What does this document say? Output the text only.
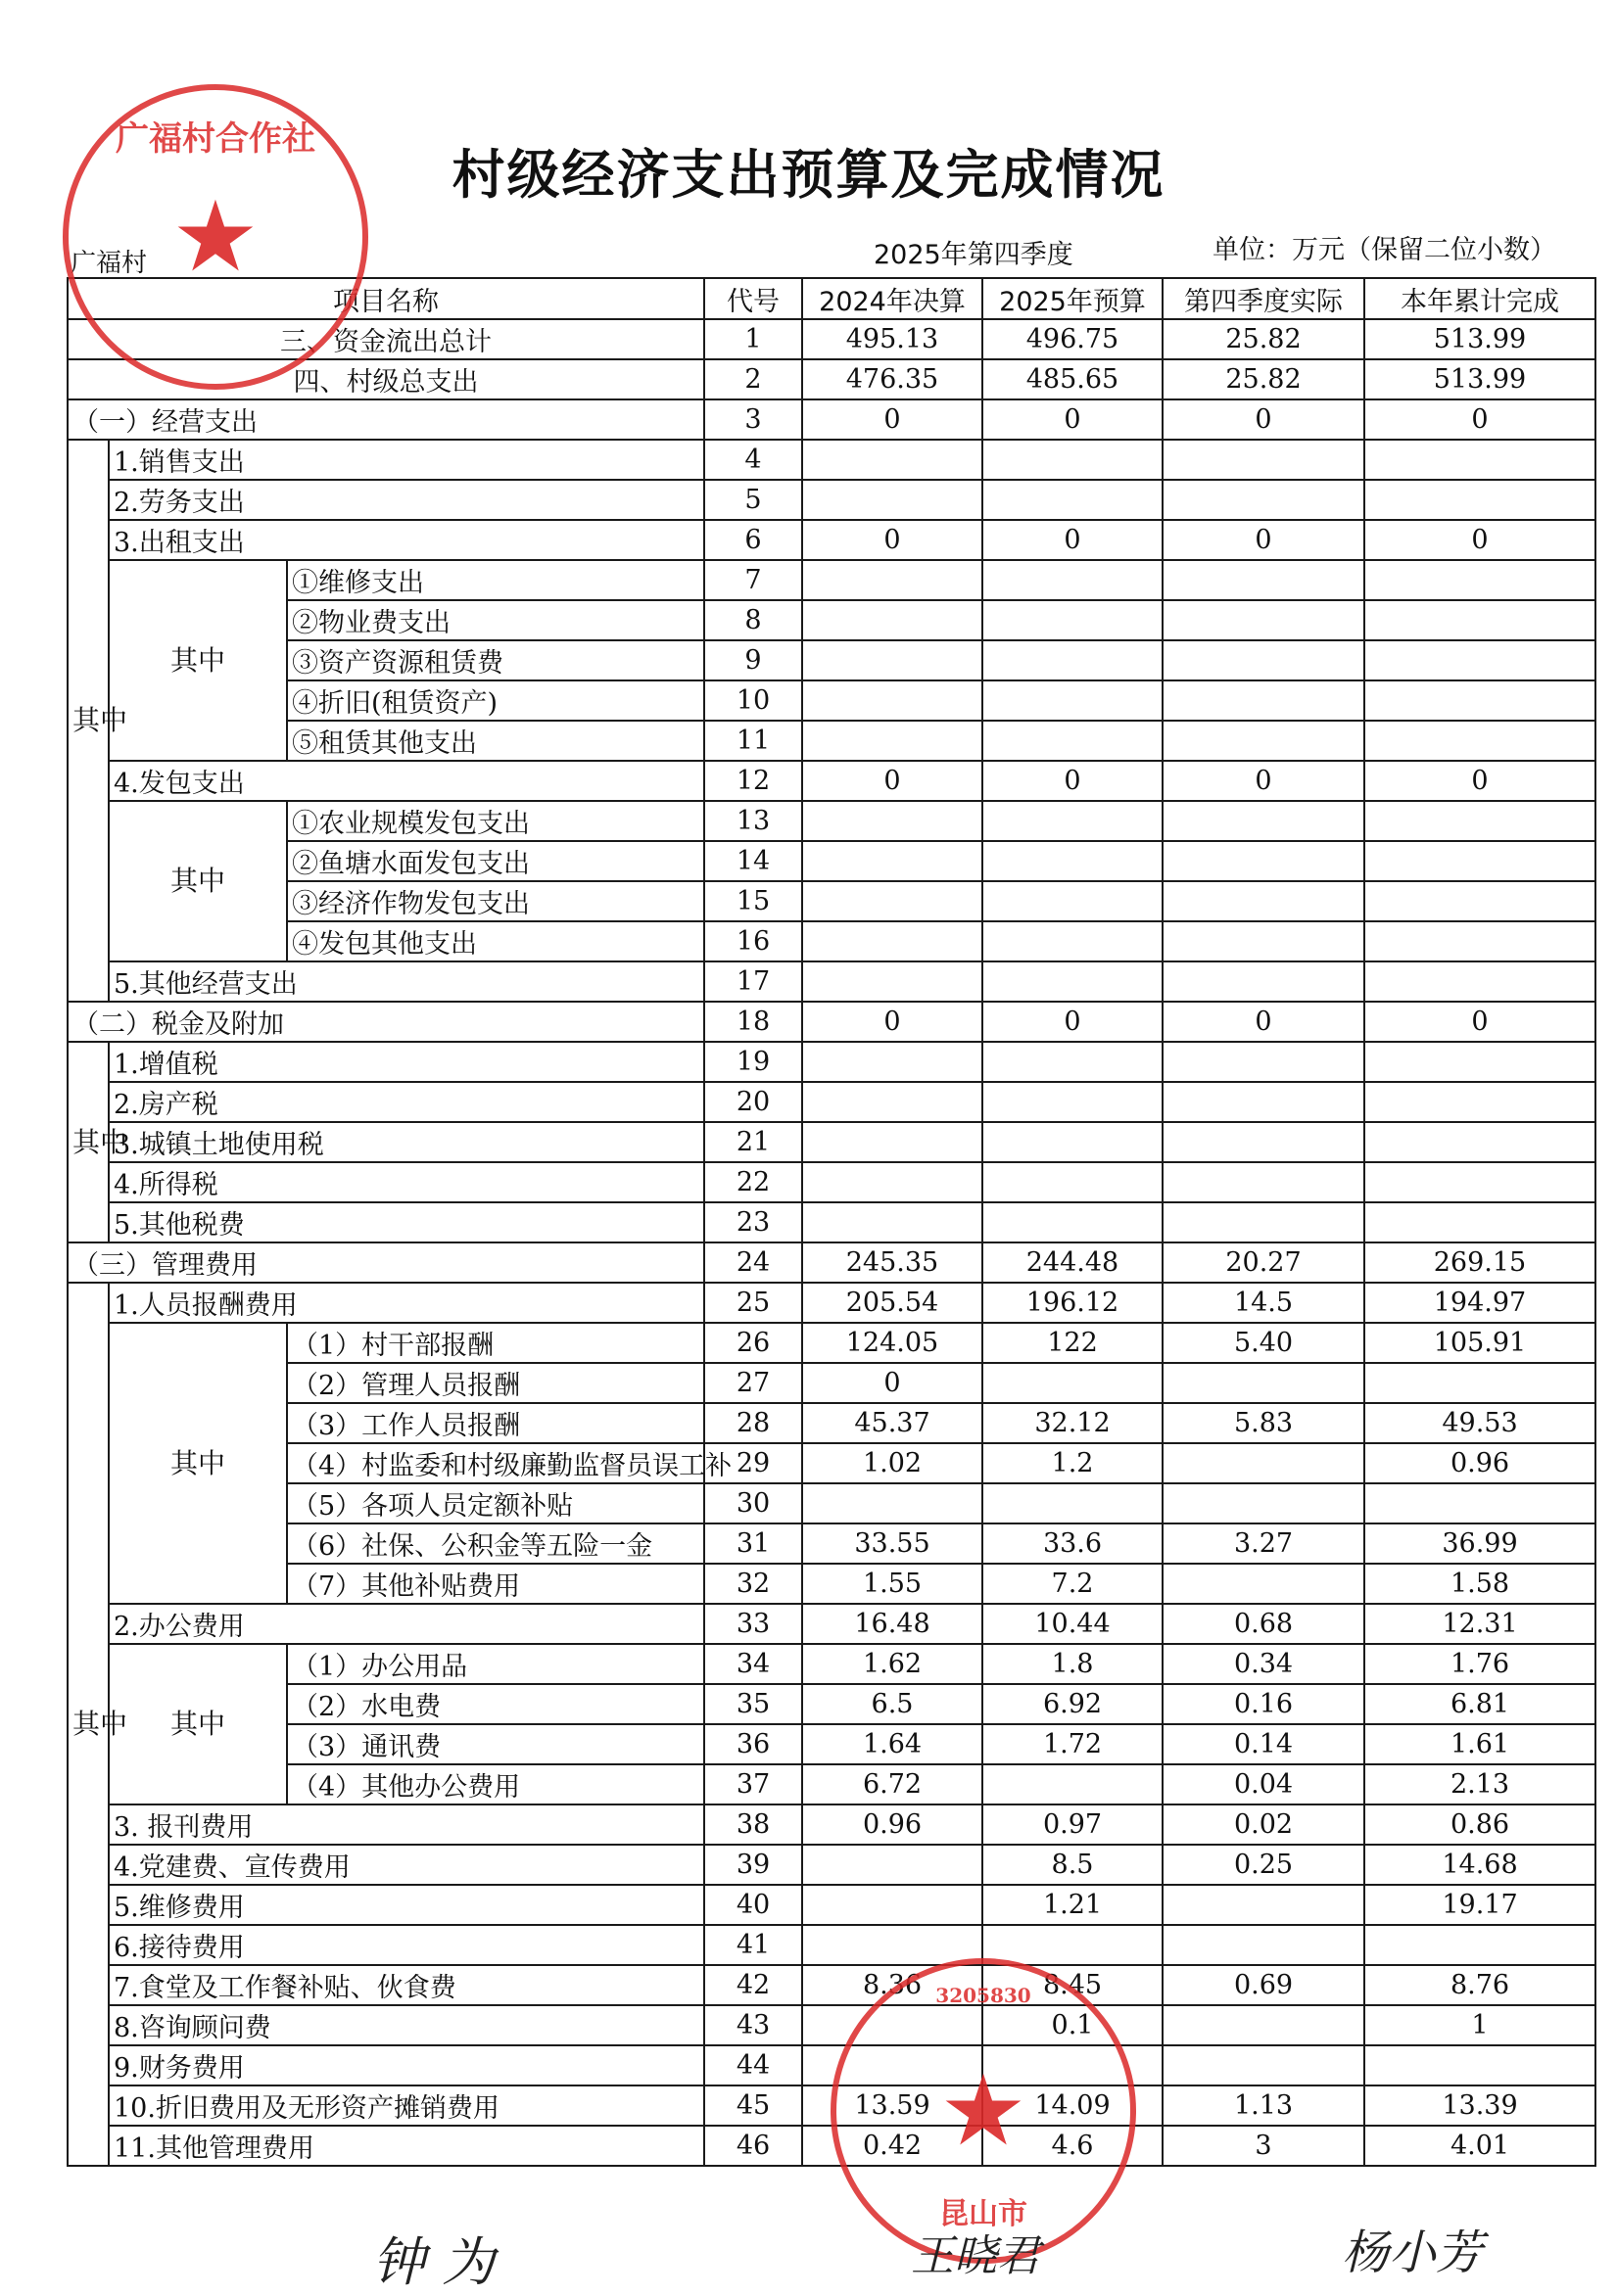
村级经济支出预算及完成情况
广福村	2025年第四季度	单位：万元（保留二位小数）
项目名称			代号	2024年决算	2025年预算	第四季度实际	本年累计完成
三、资金流出总计			1	495.13	496.75	25.82	513.99
四、村级总支出			2	476.35	485.65	25.82	513.99
（一）经营支出			3	0	0	0	0
其中	1.销售支出		4				
	2.劳务支出		5				
	3.出租支出		6	0	0	0	0
	其中	①维修支出	7				
		②物业费支出	8				
		③资产资源租赁费	9				
		④折旧(租赁资产)	10				
		⑤租赁其他支出	11				
	4.发包支出		12	0	0	0	0
	其中	①农业规模发包支出	13				
		②鱼塘水面发包支出	14				
		③经济作物发包支出	15				
		④发包其他支出	16				
	5.其他经营支出		17				
（二）税金及附加			18	0	0	0	0
其中	1.增值税		19				
	2.房产税		20				
	3.城镇土地使用税		21				
	4.所得税		22				
	5.其他税费		23				
（三）管理费用			24	245.35	244.48	20.27	269.15
其中	1.人员报酬费用		25	205.54	196.12	14.5	194.97
	其中	（1）村干部报酬	26	124.05	122	5.40	105.91
		（2）管理人员报酬	27	0			
		（3）工作人员报酬	28	45.37	32.12	5.83	49.53
		（4）村监委和村级廉勤监督员误工补	29	1.02	1.2		0.96
		（5）各项人员定额补贴	30				
		（6）社保、公积金等五险一金	31	33.55	33.6	3.27	36.99
		（7）其他补贴费用	32	1.55	7.2		1.58
	2.办公费用		33	16.48	10.44	0.68	12.31
	其中	（1）办公用品	34	1.62	1.8	0.34	1.76
		（2）水电费	35	6.5	6.92	0.16	6.81
		（3）通讯费	36	1.64	1.72	0.14	1.61
		（4）其他办公费用	37	6.72		0.04	2.13
	3. 报刊费用		38	0.96	0.97	0.02	0.86
	4.党建费、宣传费用		39		8.5	0.25	14.68
	5.维修费用		40		1.21		19.17
	6.接待费用		41				
	7.食堂及工作餐补贴、伙食费		42	8.36	8.45	0.69	8.76
	8.咨询顾问费		43		0.1		1
	9.财务费用		44				
	10.折旧费用及无形资产摊销费用		45	13.59	14.09	1.13	13.39
	11.其他管理费用		46	0.42	4.6	3	4.01
广福村合作社
★
3205830
★
昆山市
钟 为	王晓君	杨小芳
